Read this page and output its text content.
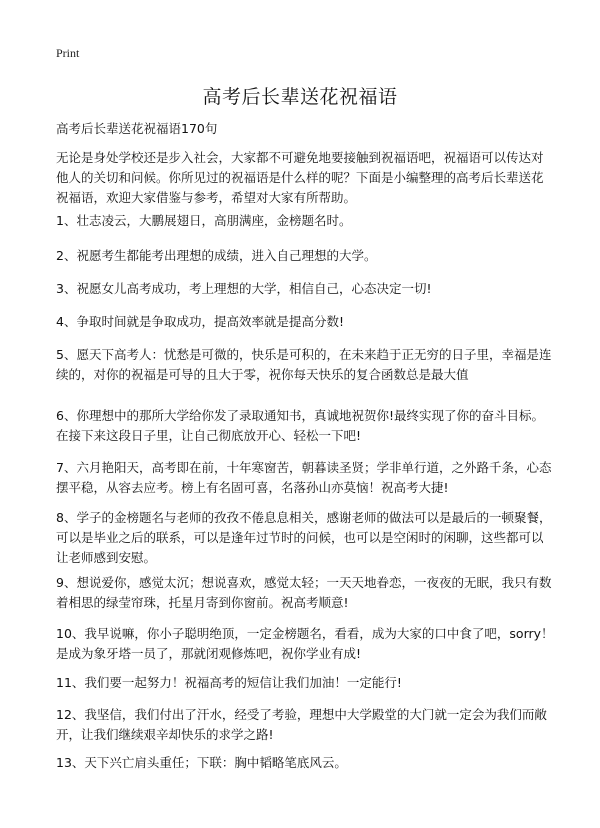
Print
高考后长辈送花祝福语

高考后长辈送花祝福语170句

无论是身处学校还是步入社会，大家都不可避免地要接触到祝福语吧，祝福语可以传达对他人的关切和问候。你所见过的祝福语是什么样的呢？下面是小编整理的高考后长辈送花祝福语，欢迎大家借鉴与参考，希望对大家有所帮助。

1、壮志凌云，大鹏展翅日，高朋满座，金榜题名时。

2、祝愿考生都能考出理想的成绩，进入自己理想的大学。

3、祝愿女儿高考成功，考上理想的大学，相信自己，心态决定一切!

4、争取时间就是争取成功，提高效率就是提高分数!

5、愿天下高考人：忧愁是可微的，快乐是可积的，在未来趋于正无穷的日子里，幸福是连续的，对你的祝福是可导的且大于零，祝你每天快乐的复合函数总是最大值

6、你理想中的那所大学给你发了录取通知书，真诚地祝贺你!最终实现了你的奋斗目标。在接下来这段日子里，让自己彻底放开心、轻松一下吧!

7、六月艳阳天，高考即在前，十年寒窗苦，朝暮读圣贤；学非单行道，之外路千条，心态摆平稳，从容去应考。榜上有名固可喜，名落孙山亦莫恼！祝高考大捷!

8、学子的金榜题名与老师的孜孜不倦息息相关，感谢老师的做法可以是最后的一顿聚餐，可以是毕业之后的联系，可以是逢年过节时的问候，也可以是空闲时的闲聊，这些都可以让老师感到安慰。

9、想说爱你，感觉太沉；想说喜欢，感觉太轻；一天天地眷恋，一夜夜的无眠，我只有数着相思的绿莹帘珠，托星月寄到你窗前。祝高考顺意!

10、我早说嘛，你小子聪明绝顶，一定金榜题名，看看，成为大家的口中食了吧，sorry！是成为象牙塔一员了，那就闭观修炼吧，祝你学业有成!

11、我们要一起努力！祝福高考的短信让我们加油！一定能行!

12、我坚信，我们付出了汗水，经受了考验，理想中大学殿堂的大门就一定会为我们而敞开，让我们继续艰辛却快乐的求学之路!

13、天下兴亡肩头重任；下联：胸中韬略笔底风云。
